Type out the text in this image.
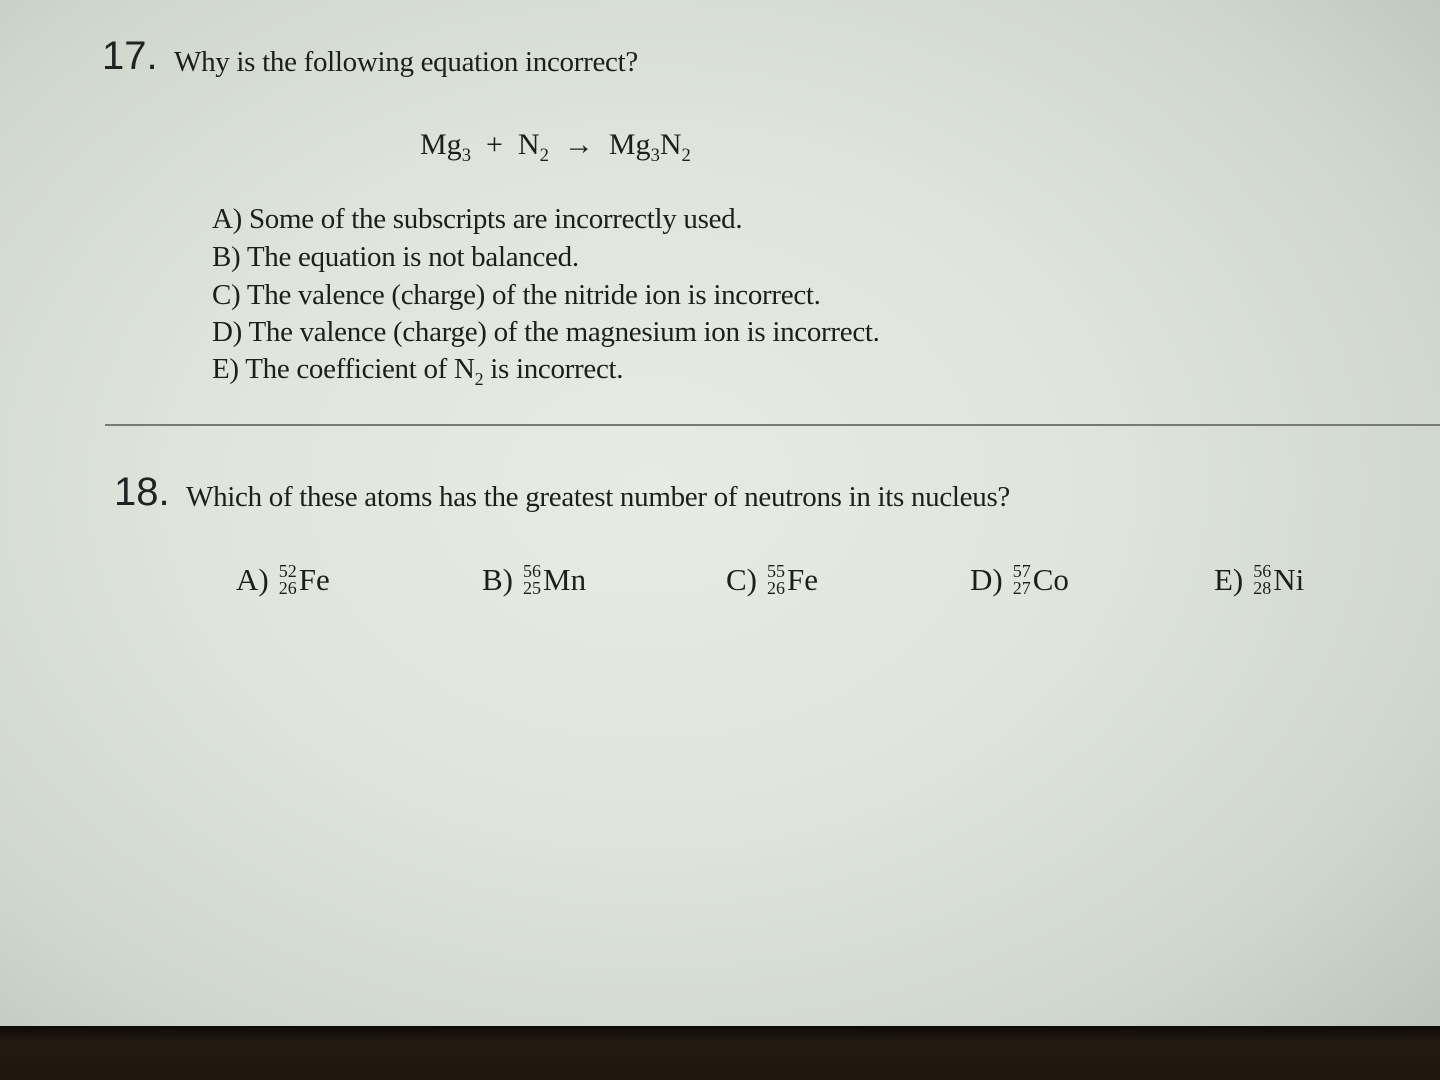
17. Why is the following equation incorrect?
$Mg_3 + N_2 \to Mg_3N_2$
A) Some of the subscripts are incorrectly used.
B) The equation is not balanced.
C) The valence (charge) of the nitride ion is incorrect.
D) The valence (charge) of the magnesium ion is incorrect.
E) The coefficient of $N_2$ is incorrect.
18. Which of these atoms has the greatest number of neutrons in its nucleus?
A) 52
26 Fe	B) 56
25 Mn	C) 55
26 Fe	D) 57
27 Co	E) 56
28 Ni
